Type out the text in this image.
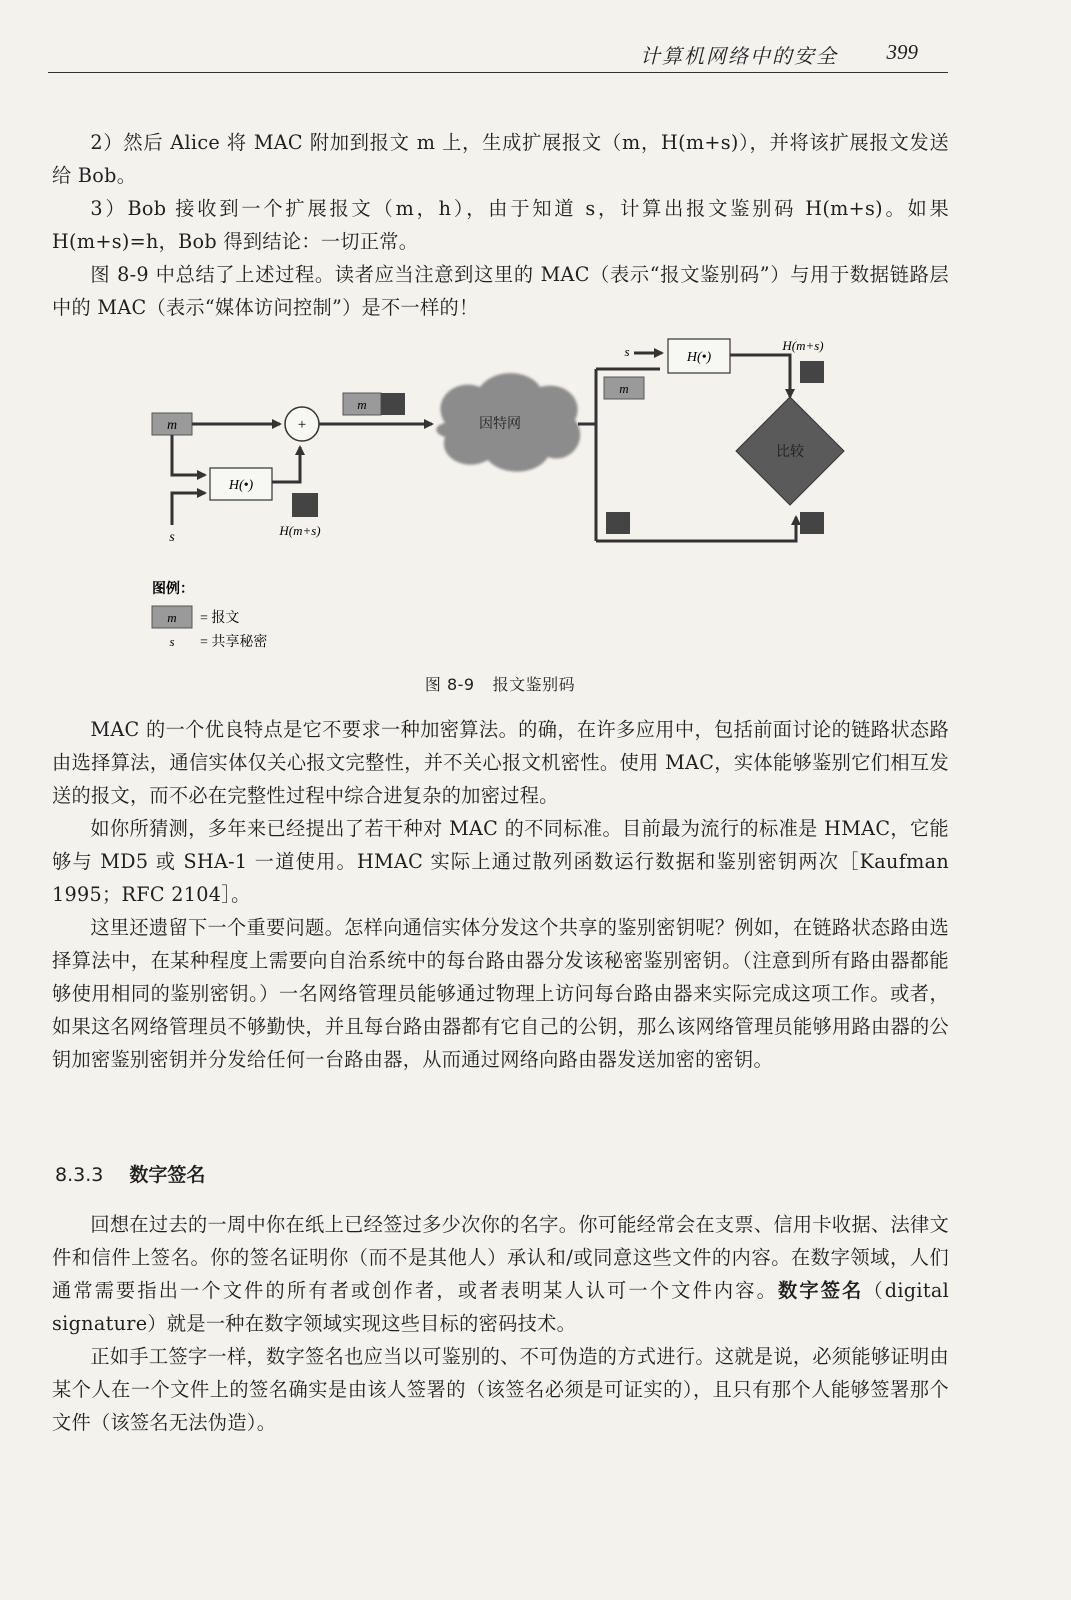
计算机网络中的安全 399

2）然后 Alice 将 MAC 附加到报文 m 上，生成扩展报文（m，H(m+s)），并将该扩展报文发送给 Bob。

3）Bob 接收到一个扩展报文（m，h），由于知道 s，计算出报文鉴别码 H(m+s)。如果 H(m+s)=h，Bob 得到结论：一切正常。

图 8-9 中总结了上述过程。读者应当注意到这里的 MAC（表示“报文鉴别码”）与用于数据链路层中的 MAC（表示“媒体访问控制”）是不一样的！

m
s
H(•)
H(m+s)
+
m
因特网
m
s	H(•)
H(m+s)
比较
图例：
m = 报文
s = 共享秘密
图 8-9 报文鉴别码

MAC 的一个优良特点是它不要求一种加密算法。的确，在许多应用中，包括前面讨论的链路状态路由选择算法，通信实体仅关心报文完整性，并不关心报文机密性。使用 MAC，实体能够鉴别它们相互发送的报文，而不必在完整性过程中综合进复杂的加密过程。

如你所猜测，多年来已经提出了若干种对 MAC 的不同标准。目前最为流行的标准是 HMAC，它能够与 MD5 或 SHA-1 一道使用。HMAC 实际上通过散列函数运行数据和鉴别密钥两次［Kaufman 1995；RFC 2104］。

这里还遗留下一个重要问题。怎样向通信实体分发这个共享的鉴别密钥呢？例如，在链路状态路由选择算法中，在某种程度上需要向自治系统中的每台路由器分发该秘密鉴别密钥。（注意到所有路由器都能够使用相同的鉴别密钥。）一名网络管理员能够通过物理上访问每台路由器来实际完成这项工作。或者，如果这名网络管理员不够勤快，并且每台路由器都有它自己的公钥，那么该网络管理员能够用路由器的公钥加密鉴别密钥并分发给任何一台路由器，从而通过网络向路由器发送加密的密钥。

8.3.3 数字签名

回想在过去的一周中你在纸上已经签过多少次你的名字。你可能经常会在支票、信用卡收据、法律文件和信件上签名。你的签名证明你（而不是其他人）承认和/或同意这些文件的内容。在数字领域，人们通常需要指出一个文件的所有者或创作者，或者表明某人认可一个文件内容。数字签名（digital signature）就是一种在数字领域实现这些目标的密码技术。

正如手工签字一样，数字签名也应当以可鉴别的、不可伪造的方式进行。这就是说，必须能够证明由某个人在一个文件上的签名确实是由该人签署的（该签名必须是可证实的），且只有那个人能够签署那个文件（该签名无法伪造）。
